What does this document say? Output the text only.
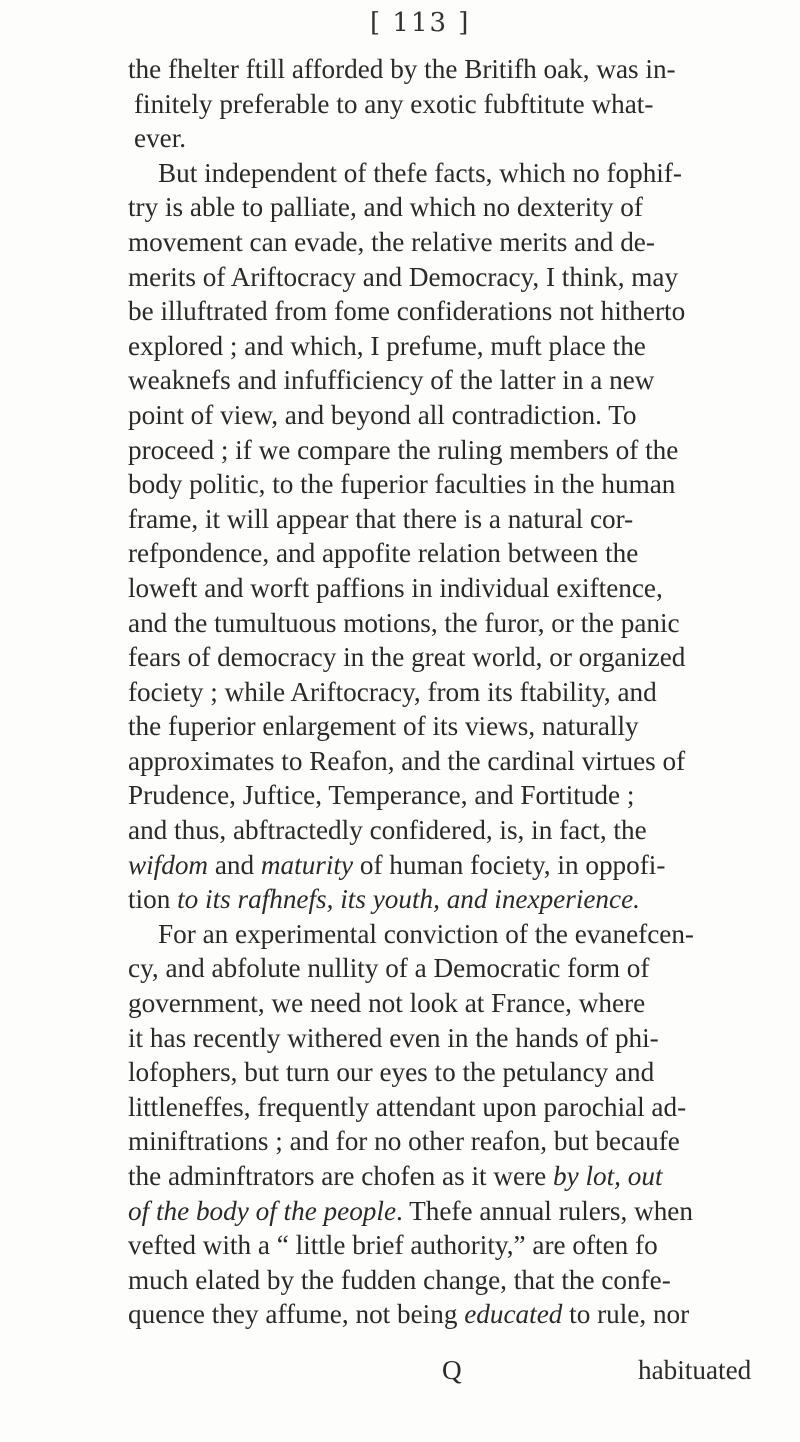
[ 113 ]
the fhelter ftill afforded by the Britifh oak, was in-
finitely preferable to any exotic fubftitute what-
ever.
But independent of thefe facts, which no fophif-
try is able to palliate, and which no dexterity of
movement can evade, the relative merits and de-
merits of Ariftocracy and Democracy, I think, may
be illuftrated from fome confiderations not hitherto
explored ; and which, I prefume, muft place the
weaknefs and infufficiency of the latter in a new
point of view, and beyond all contradiction. To
proceed ; if we compare the ruling members of the
body politic, to the fuperior faculties in the human
frame, it will appear that there is a natural cor-
refpondence, and appofite relation between the
loweft and worft paffions in individual exiftence,
and the tumultuous motions, the furor, or the panic
fears of democracy in the great world, or organized
fociety ; while Ariftocracy, from its ftability, and
the fuperior enlargement of its views, naturally
approximates to Reafon, and the cardinal virtues of
Prudence, Juftice, Temperance, and Fortitude ;
and thus, abftractedly confidered, is, in fact, the
wifdom and maturity of human fociety, in oppofi-
tion to its rafhnefs, its youth, and inexperience.
For an experimental conviction of the evanefcen-
cy, and abfolute nullity of a Democratic form of
government, we need not look at France, where
it has recently withered even in the hands of phi-
lofophers, but turn our eyes to the petulancy and
littleneffes, frequently attendant upon parochial ad-
miniftrations ; and for no other reafon, but becaufe
the adminftrators are chofen as it were by lot, out
of the body of the people. Thefe annual rulers, when
vefted with a “ little brief authority,” are often fo
much elated by the fudden change, that the confe-
quence they affume, not being educated to rule, nor
Q	habituated
